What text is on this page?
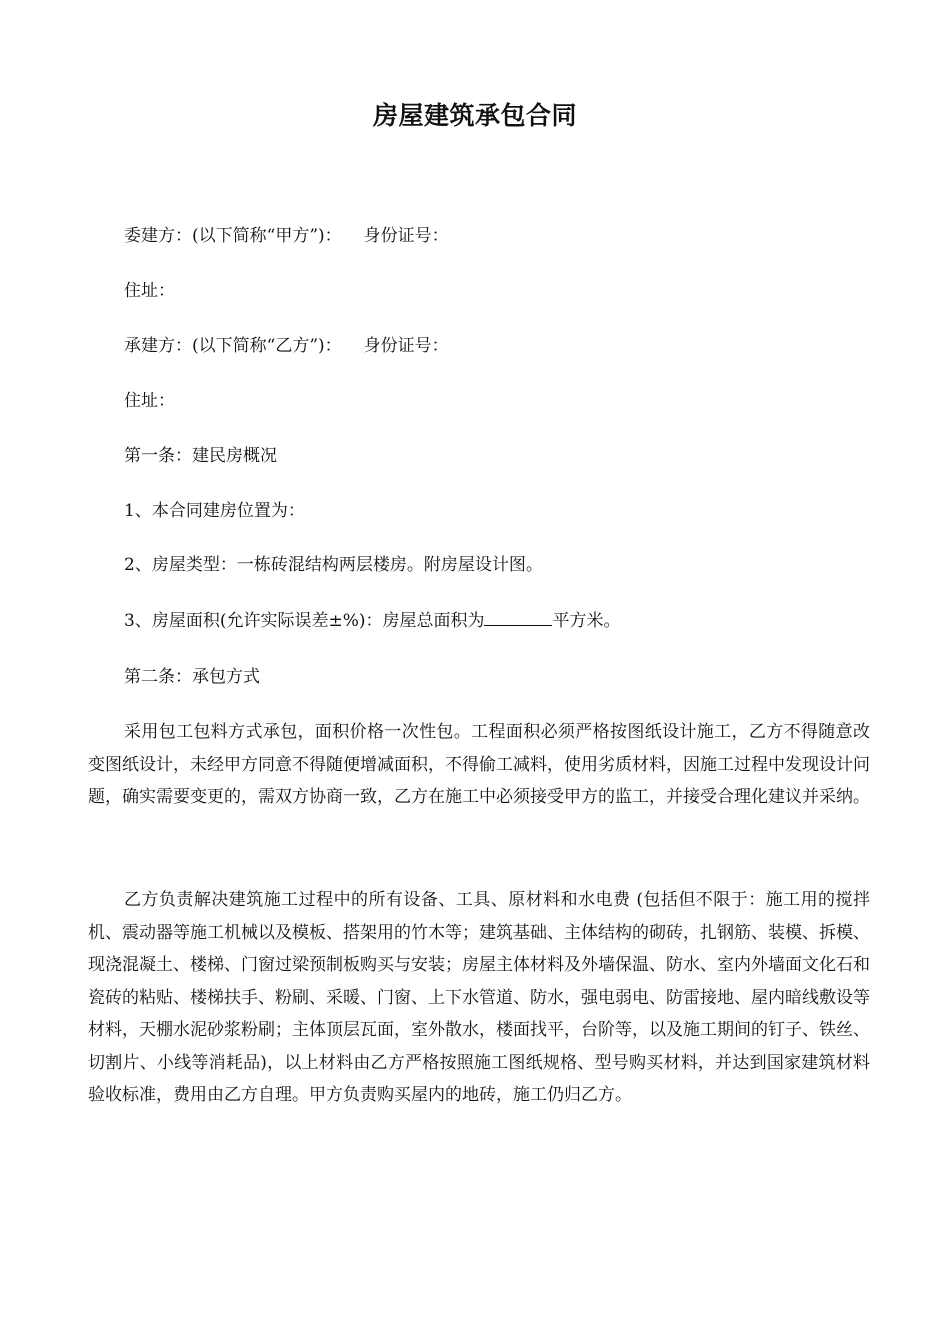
房屋建筑承包合同
委建方：(以下简称“甲方”)： 身份证号：
住址：
承建方：(以下简称“乙方”)： 身份证号：
住址：
第一条：建民房概况
1、本合同建房位置为：
2、房屋类型：一栋砖混结构两层楼房。附房屋设计图。
3、房屋面积(允许实际误差±%)：房屋总面积为	平方米。
第二条：承包方式
采用包工包料方式承包，面积价格一次性包。工程面积必须严格按图纸设计施工，乙方不得随意改变图纸设计，未经甲方同意不得随便增减面积，不得偷工减料，使用劣质材料，因施工过程中发现设计问题，确实需要变更的，需双方协商一致，乙方在施工中必须接受甲方的监工，并接受合理化建议并采纳。
乙方负责解决建筑施工过程中的所有设备、工具、原材料和水电费 (包括但不限于：施工用的搅拌机、震动器等施工机械以及模板、搭架用的竹木等；建筑基础、主体结构的砌砖，扎钢筋、装模、拆模、现浇混凝土、楼梯、门窗过梁预制板购买与安装；房屋主体材料及外墙保温、防水、室内外墙面文化石和瓷砖的粘贴、楼梯扶手、粉刷、采暖、门窗、上下水管道、防水，强电弱电、防雷接地、屋内暗线敷设等材料，天棚水泥砂浆粉刷；主体顶层瓦面，室外散水，楼面找平，台阶等，以及施工期间的钉子、铁丝、切割片、小线等消耗品)，以上材料由乙方严格按照施工图纸规格、型号购买材料，并达到国家建筑材料验收标准，费用由乙方自理。甲方负责购买屋内的地砖，施工仍归乙方。
